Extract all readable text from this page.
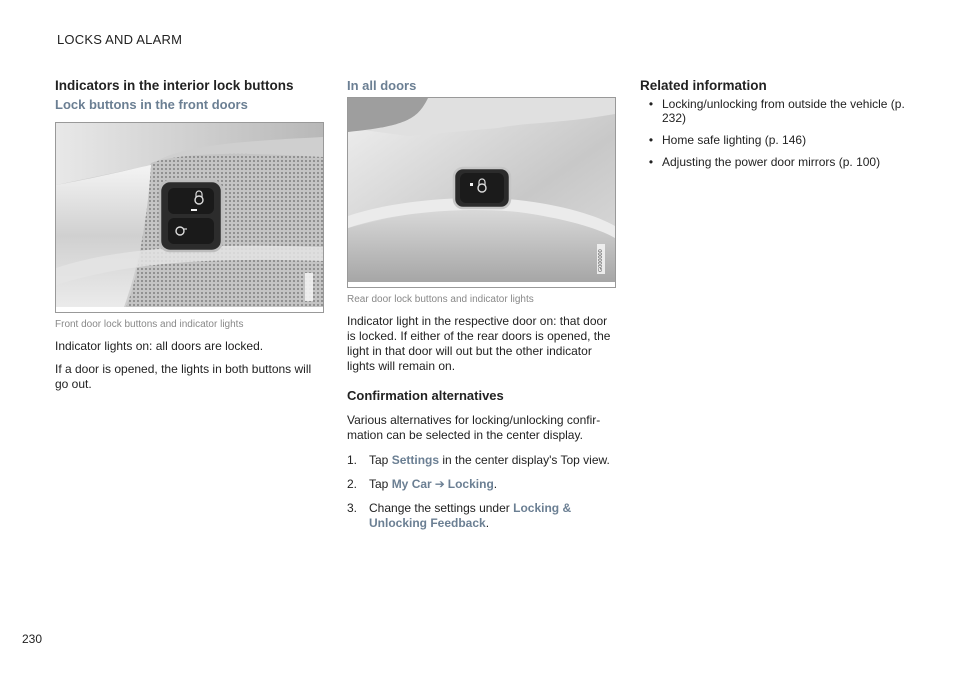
LOCKS AND ALARM
230
Indicators in the interior lock buttons
Lock buttons in the front doors
Front door lock buttons and indicator lights

Indicator lights on: all doors are locked.

If a door is opened, the lights in both buttons will go out.

In all doors
G000000
Rear door lock buttons and indicator lights

Indicator light in the respective door on: that door is locked. If either of the rear doors is opened, the light in that door will out but the other indicator lights will remain on.

Confirmation alternatives

Various alternatives for locking/unlocking confir-mation can be selected in the center display.

1. Tap Settings in the center display's Top view.
2. Tap My Car ➔ Locking.
3. Change the settings under Locking & Unlocking Feedback.
Related information
• Locking/unlocking from outside the vehicle (p. 232)
• Home safe lighting (p. 146)
• Adjusting the power door mirrors (p. 100)
